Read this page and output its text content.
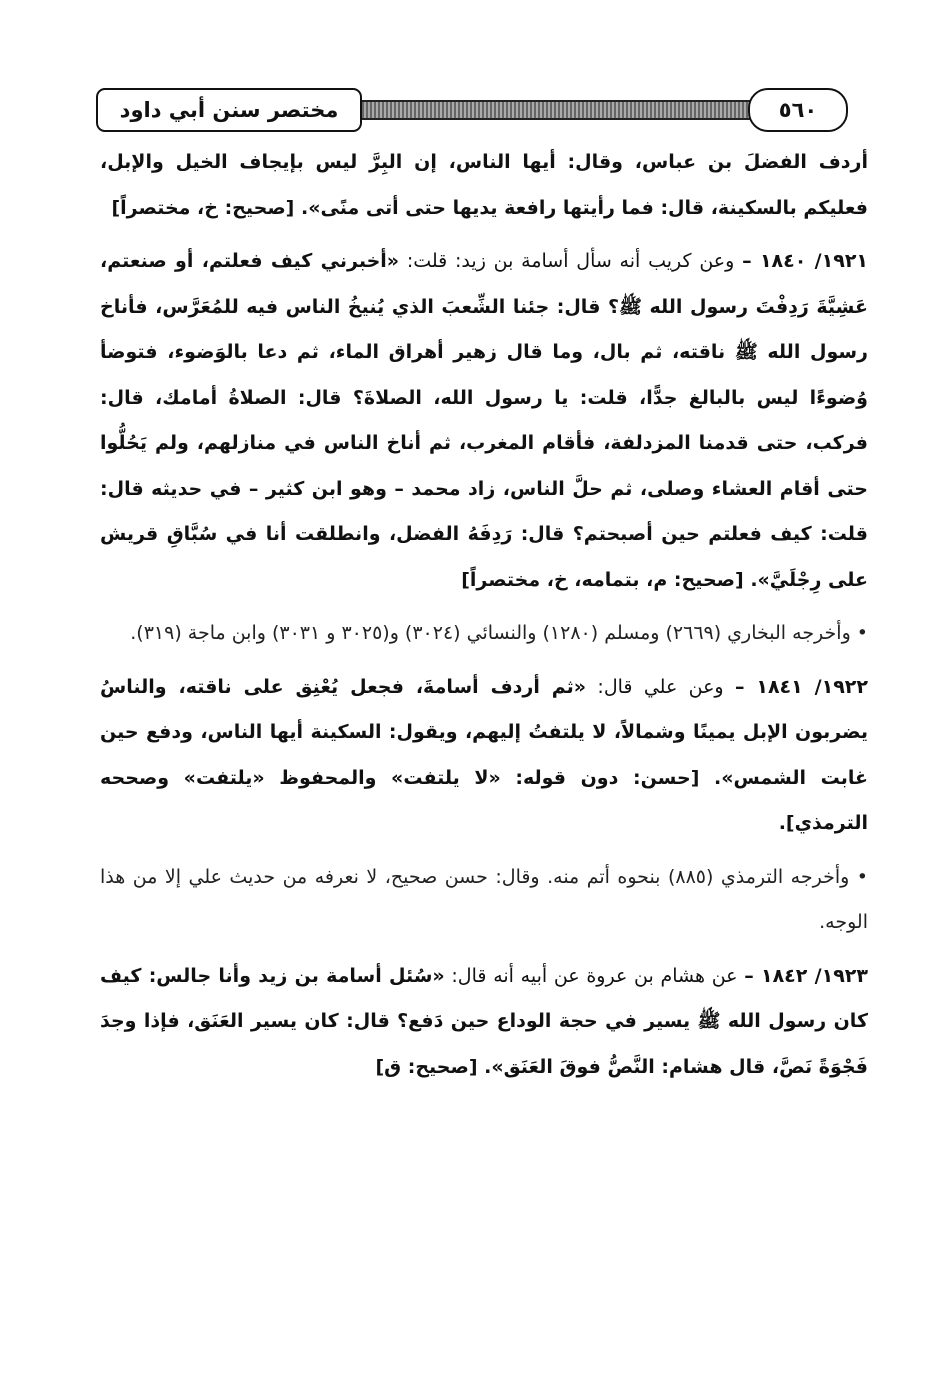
مختصر سنن أبي داود	٥٦٠

أردف الفضلَ بن عباس، وقال: أيها الناس، إن البِرَّ ليس بإيجاف الخيل والإبل، فعليكم بالسكينة، قال: فما رأيتها رافعة يديها حتى أتى منًى». [صحيح: خ، مختصراً]

١٩٢١/ ١٨٤٠ – وعن كريب أنه سأل أسامة بن زيد: قلت: «أخبرني كيف فعلتم، أو صنعتم، عَشِيَّةَ رَدِفْتَ رسول الله ﷺ؟ قال: جئنا الشِّعبَ الذي يُنيخُ الناس فيه للمُعَرَّس، فأناخ رسول الله ﷺ ناقته، ثم بال، وما قال زهير أهراق الماء، ثم دعا بالوَضوء، فتوضأ وُضوءًا ليس بالبالغ جدًّا، قلت: يا رسول الله، الصلاةَ؟ قال: الصلاةُ أمامك، قال: فركب، حتى قدمنا المزدلفة، فأقام المغرب، ثم أناخ الناس في منازلهم، ولم يَحُلُّوا حتى أقام العشاء وصلى، ثم حلَّ الناس، زاد محمد – وهو ابن كثير – في حديثه قال: قلت: كيف فعلتم حين أصبحتم؟ قال: رَدِفَهُ الفضل، وانطلقت أنا في سُبَّاقِ قريش على رِجْلَيَّ». [صحيح: م، بتمامه، خ، مختصراً]

• وأخرجه البخاري (٢٦٦٩) ومسلم (١٢٨٠) والنسائي (٣٠٢٤) و(٣٠٢٥ و ٣٠٣١) وابن ماجة (٣١٩).

١٩٢٢/ ١٨٤١ – وعن علي قال: «ثم أردف أسامةَ، فجعل يُعْنِق على ناقته، والناسُ يضربون الإبل يمينًا وشمالاً، لا يلتفتُ إليهم، ويقول: السكينة أيها الناس، ودفع حين غابت الشمس». [حسن: دون قوله: «لا يلتفت» والمحفوظ «يلتفت» وصححه الترمذي].

• وأخرجه الترمذي (٨٨٥) بنحوه أتم منه. وقال: حسن صحيح، لا نعرفه من حديث علي إلا من هذا الوجه.

١٩٢٣/ ١٨٤٢ – عن هشام بن عروة عن أبيه أنه قال: «سُئل أسامة بن زيد وأنا جالس: كيف كان رسول الله ﷺ يسير في حجة الوداع حين دَفع؟ قال: كان يسير العَنَق، فإذا وجدَ فَجْوَةً نَصَّ، قال هشام: النَّصُّ فوقَ العَنَق». [صحيح: ق]
